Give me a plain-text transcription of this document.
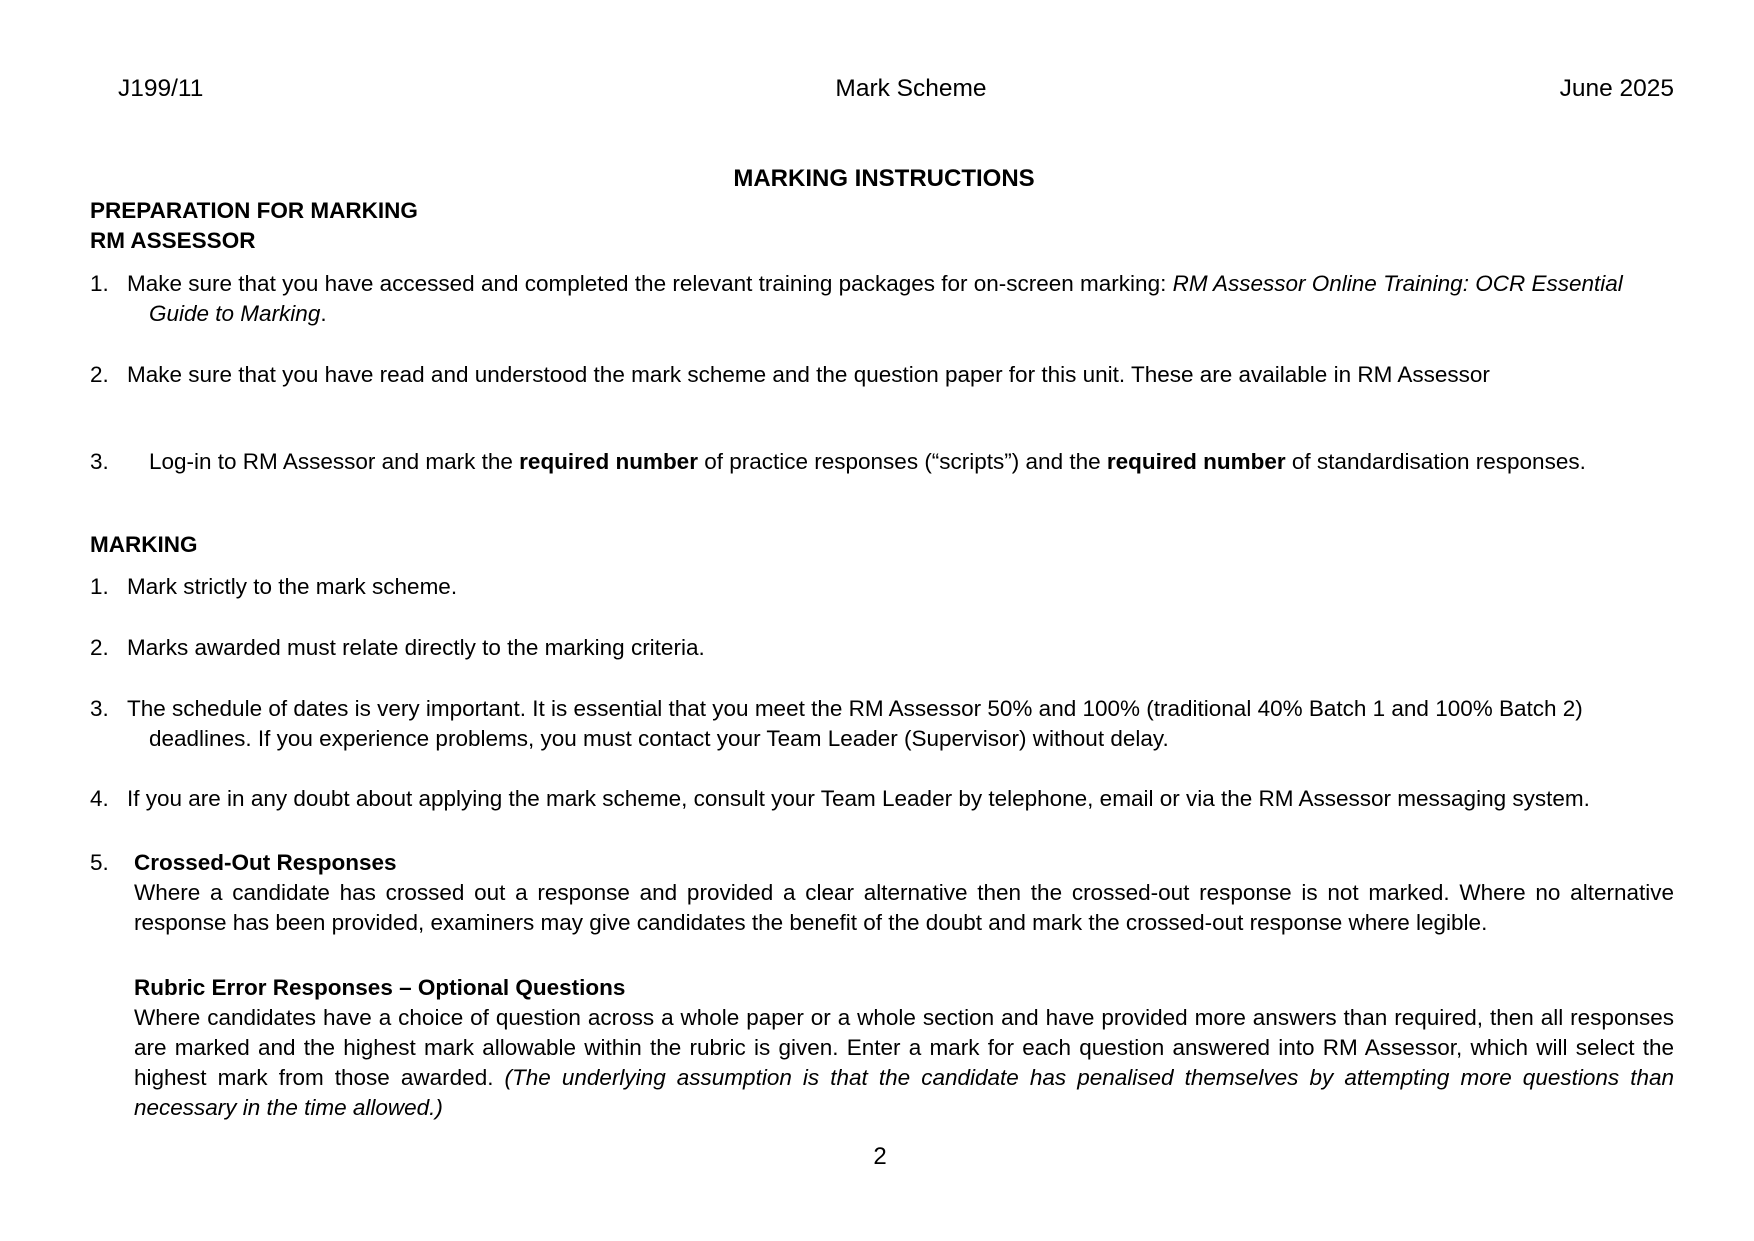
J199/11	Mark Scheme	June 2025
MARKING INSTRUCTIONS
PREPARATION FOR MARKING
RM ASSESSOR
1. Make sure that you have accessed and completed the relevant training packages for on-screen marking: RM Assessor Online Training: OCR Essential
Guide to Marking.
2. Make sure that you have read and understood the mark scheme and the question paper for this unit. These are available in RM Assessor
3. Log-in to RM Assessor and mark the required number of practice responses (“scripts”) and the required number of standardisation responses.
MARKING
1. Mark strictly to the mark scheme.
2. Marks awarded must relate directly to the marking criteria.
3. The schedule of dates is very important. It is essential that you meet the RM Assessor 50% and 100% (traditional 40% Batch 1 and 100% Batch 2)
deadlines. If you experience problems, you must contact your Team Leader (Supervisor) without delay.
4. If you are in any doubt about applying the mark scheme, consult your Team Leader by telephone, email or via the RM Assessor messaging system.
5. Crossed-Out Responses
Where a candidate has crossed out a response and provided a clear alternative then the crossed-out response is not marked. Where no alternative response has been provided, examiners may give candidates the benefit of the doubt and mark the crossed-out response where legible.
Rubric Error Responses – Optional Questions
Where candidates have a choice of question across a whole paper or a whole section and have provided more answers than required, then all responses are marked and the highest mark allowable within the rubric is given. Enter a mark for each question answered into RM Assessor, which will select the highest mark from those awarded. (The underlying assumption is that the candidate has penalised themselves by attempting more questions than necessary in the time allowed.)
2
